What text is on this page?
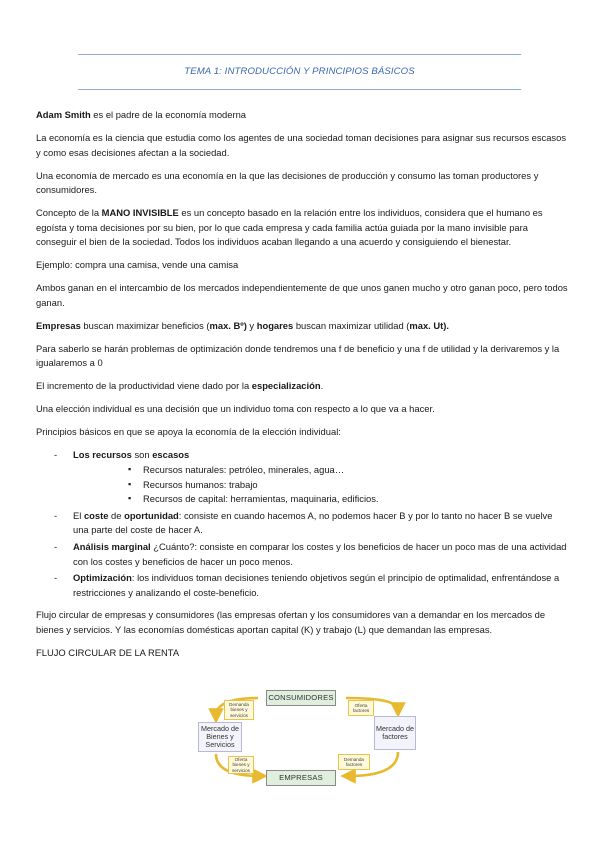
TEMA 1: INTRODUCCIÓN Y PRINCIPIOS BÁSICOS

Adam Smith es el padre de la economía moderna

La economía es la ciencia que estudia como los agentes de una sociedad toman decisiones para asignar sus recursos escasos y como esas decisiones afectan a la sociedad.

Una economía de mercado es una economía en la que las decisiones de producción y consumo las toman productores y consumidores.

Concepto de la MANO INVISIBLE es un concepto basado en la relación entre los individuos, considera que el humano es egoísta y toma decisiones por su bien, por lo que cada empresa y cada familia actúa guiada por la mano invisible para conseguir el bien de la sociedad. Todos los individuos acaban llegando a una acuerdo y consiguiendo el bienestar.

Ejemplo: compra una camisa, vende una camisa

Ambos ganan en el intercambio de los mercados independientemente de que unos ganen mucho y otro ganan poco, pero todos ganan.

Empresas buscan maximizar beneficios (max. Bº) y hogares buscan maximizar utilidad (max. Ut).

Para saberlo se harán problemas de optimización donde tendremos una f de beneficio y una f de utilidad y la derivaremos y la igualaremos a 0

El incremento de la productividad viene dado por la especialización.

Una elección individual es una decisión que un individuo toma con respecto a lo que va a hacer.

Principios básicos en que se apoya la economía de la elección individual:

- Los recursos son escasos
▪ Recursos naturales: petróleo, minerales, agua…
▪ Recursos humanos: trabajo
▪ Recursos de capital: herramientas, maquinaria, edificios.
- El coste de oportunidad: consiste en cuando hacemos A, no podemos hacer B y por lo tanto no hacer B se vuelve una parte del coste de hacer A.
- Análisis marginal ¿Cuánto?: consiste en comparar los costes y los beneficios de hacer un poco mas de una actividad con los costes y beneficios de hacer un poco menos.
- Optimización: los individuos toman decisiones teniendo objetivos según el principio de optimalidad, enfrentándose a restricciones y analizando el coste-beneficio.

Flujo circular de empresas y consumidores (las empresas ofertan y los consumidores van a demandar en los mercados de bienes y servicios. Y las economías domésticas aportan capital (K) y trabajo (L) que demandan las empresas.

FLUJO CIRCULAR DE LA RENTA

CONSUMIDORES
EMPRESAS
Mercado de Bienes y Servicios
Mercado de factores
Demanda bienes y servicios
Oferta factores
Oferta bienes y servicios
Demanda factores
